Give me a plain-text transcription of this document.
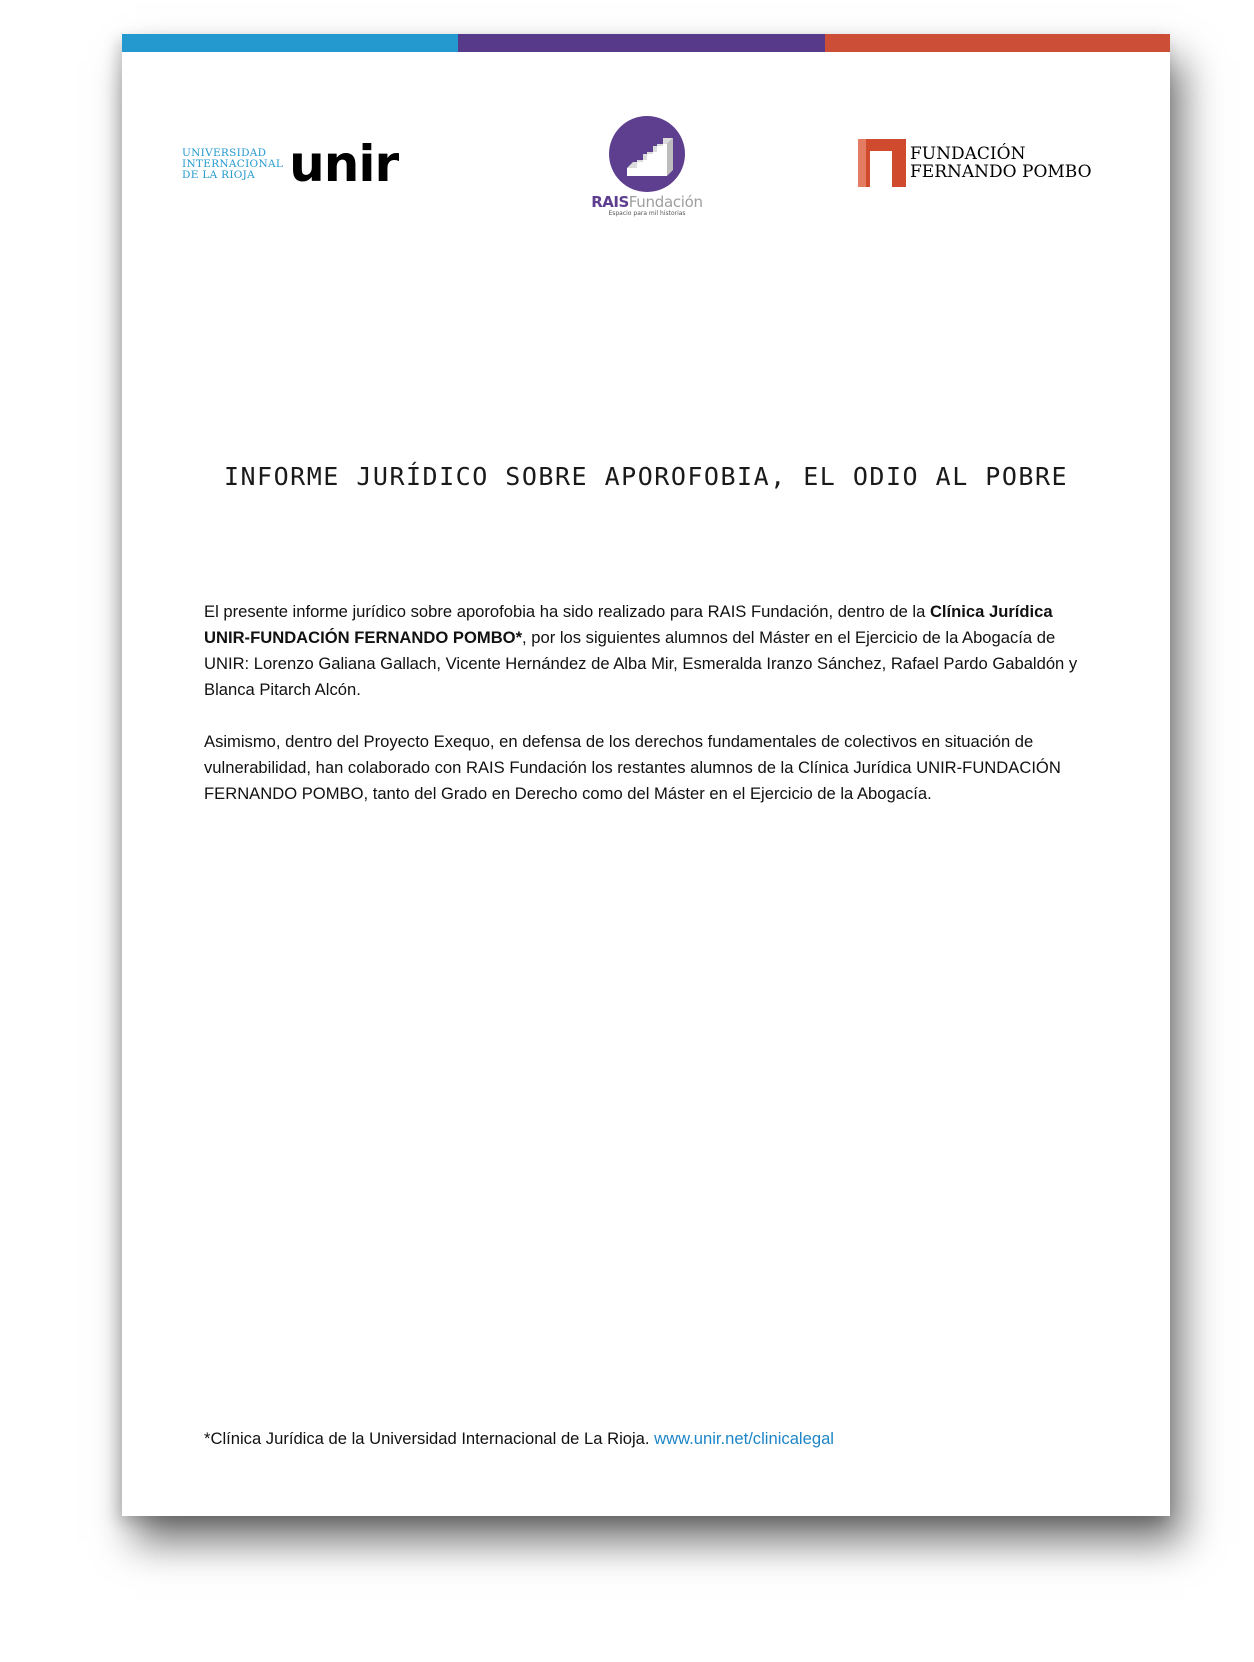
UNIVERSIDAD
INTERNACIONAL
DE LA RIOJA unir
RAISFundación
Espacio para mil historias
FUNDACIÓN
FERNANDO POMBO
INFORME JURÍDICO SOBRE APOROFOBIA, EL ODIO AL POBRE

El presente informe jurídico sobre aporofobia ha sido realizado para RAIS Fundación, dentro de la Clínica Jurídica UNIR-FUNDACIÓN FERNANDO POMBO*, por los siguientes alumnos del Máster en el Ejercicio de la Abogacía de UNIR: Lorenzo Galiana Gallach, Vicente Hernández de Alba Mir, Esmeralda Iranzo Sánchez, Rafael Pardo Gabaldón y Blanca Pitarch Alcón.

Asimismo, dentro del Proyecto Exequo, en defensa de los derechos fundamentales de colectivos en situación de vulnerabilidad, han colaborado con RAIS Fundación los restantes alumnos de la Clínica Jurídica UNIR-FUNDACIÓN FERNANDO POMBO, tanto del Grado en Derecho como del Máster en el Ejercicio de la Abogacía.

*Clínica Jurídica de la Universidad Internacional de La Rioja. www.unir.net/clinicalegal
